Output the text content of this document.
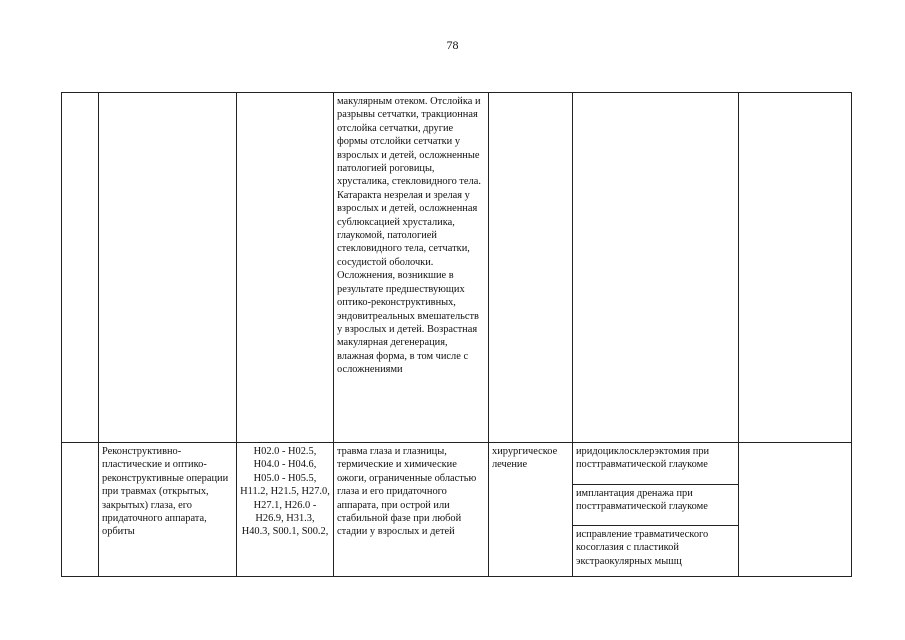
78
			макулярным отеком. Отслойка и разрывы сетчатки, тракционная отслойка сетчатки, другие формы отслойки сетчатки у взрослых и детей, осложненные патологией роговицы, хрусталика, стекловидного тела. Катаракта незрелая и зрелая у взрослых и детей, осложненная сублюксацией хрусталика, глаукомой, патологией стекловидного тела, сетчатки, сосудистой оболочки. Осложнения, возникшие в результате предшествующих оптико-реконструктивных, эндовитреальных вмешательств у взрослых и детей. Возрастная макулярная дегенерация, влажная форма, в том числе с осложнениями			
	Реконструктивно-пластические и оптико-реконструктивные операции при травмах (открытых, закрытых) глаза, его придаточного аппарата, орбиты	H02.0 - H02.5, H04.0 - H04.6, H05.0 - H05.5, H11.2, H21.5, H27.0, H27.1, H26.0 - H26.9, H31.3, H40.3, S00.1, S00.2,	травма глаза и глазницы, термические и химические ожоги, ограниченные областью глаза и его придаточного аппарата, при острой или стабильной фазе при любой стадии у взрослых и детей	хирургическое лечение	иридоциклосклерэктомия при посттравматической глаукоме
имплантация дренажа при посттравматической глаукоме
исправление травматического косоглазия с пластикой экстраокулярных мышц	
